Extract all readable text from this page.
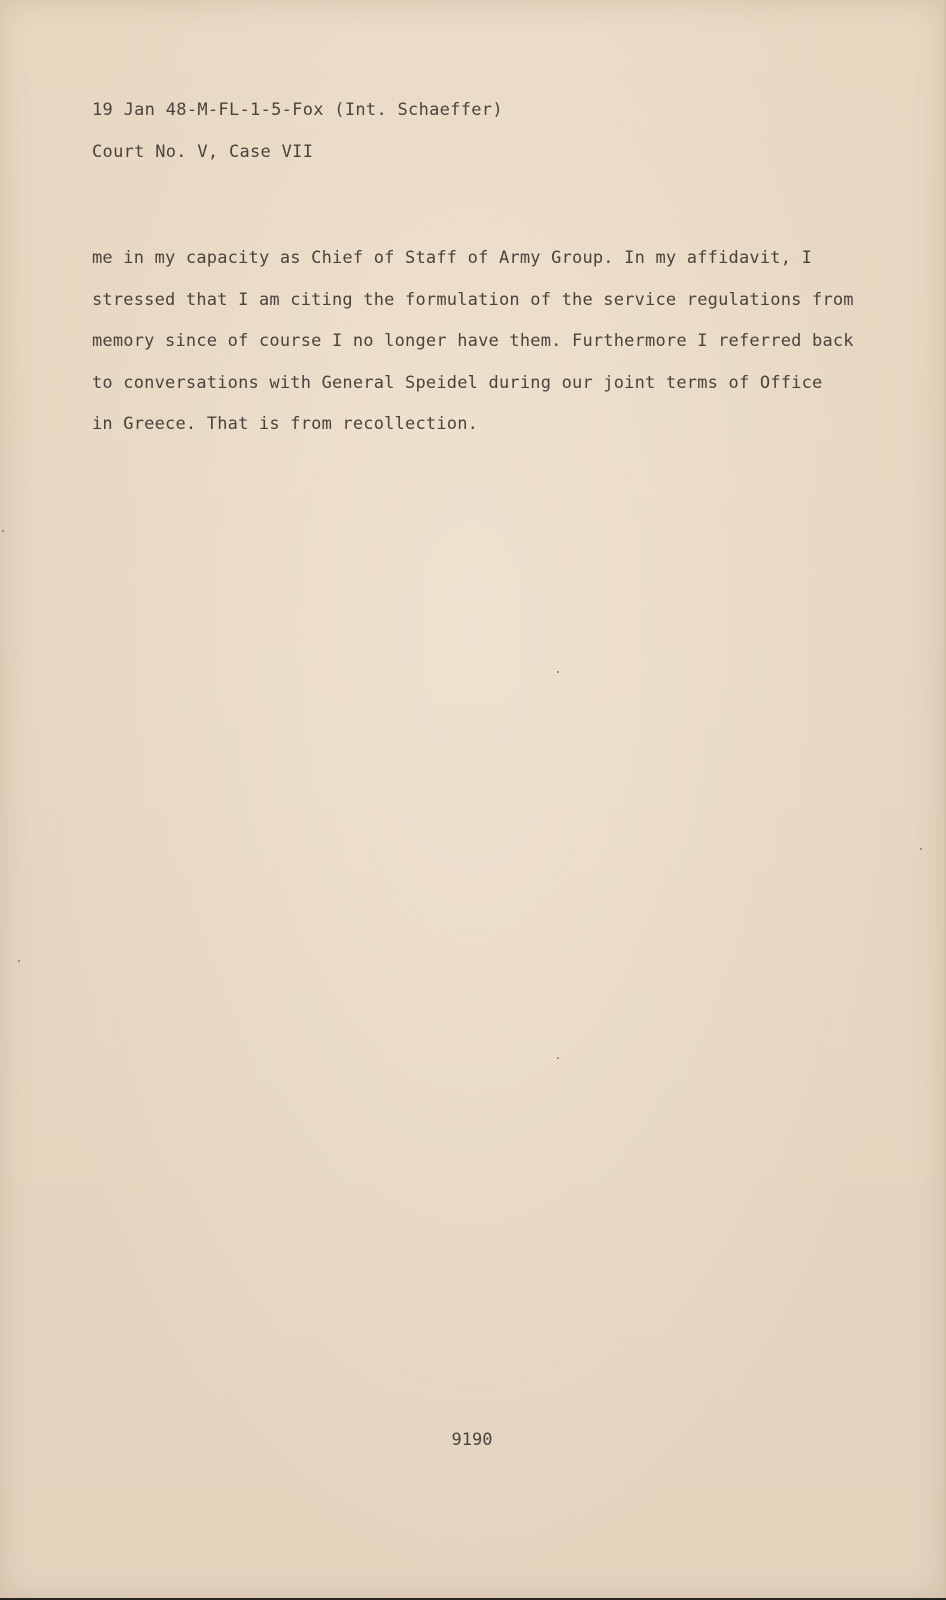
19 Jan 48-M-FL-1-5-Fox (Int. Schaeffer)
Court No. V, Case VII
me in my capacity as Chief of Staff of Army Group. In my affidavit, I
stressed that I am citing the formulation of the service regulations from
memory since of course I no longer have them. Furthermore I referred back
to conversations with General Speidel during our joint terms of Office
in Greece. That is from recollection.
9190
